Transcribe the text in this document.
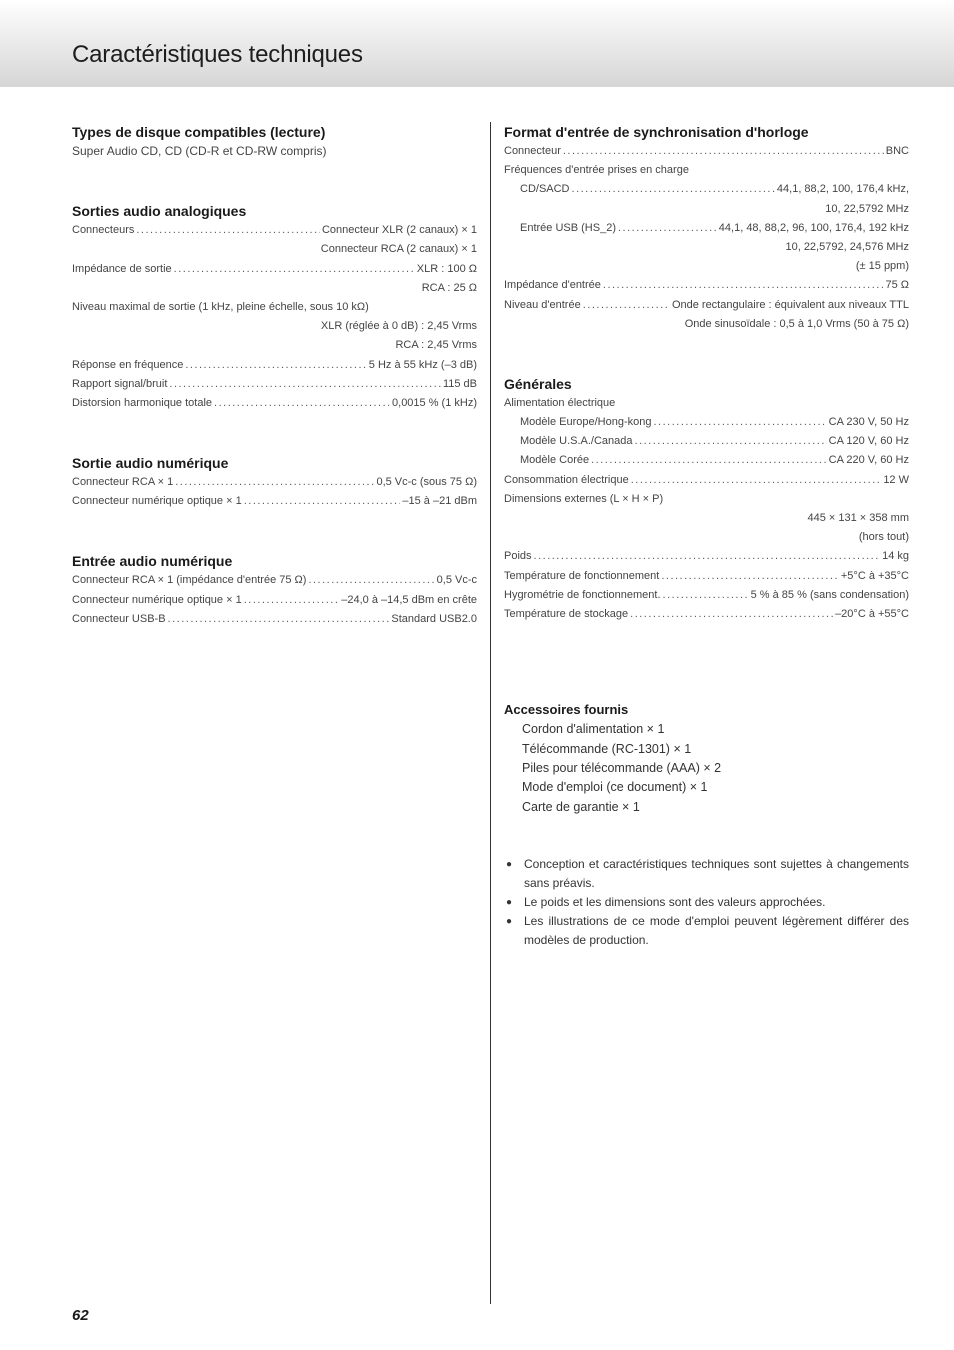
Caractéristiques techniques
Types de disque compatibles (lecture)
Super Audio CD, CD (CD-R et CD-RW compris)
Sorties audio analogiques
Connecteurs .....	Connecteur XLR (2 canaux) × 1
Connecteur RCA (2 canaux) × 1
Impédance de sortie .....	XLR : 100 Ω
RCA : 25 Ω
Niveau maximal de sortie (1 kHz, pleine échelle, sous 10 kΩ)
XLR (réglée à 0 dB) : 2,45 Vrms
RCA : 2,45 Vrms
Réponse en fréquence .....	5 Hz à 55 kHz (–3 dB)
Rapport signal/bruit .....	115 dB
Distorsion harmonique totale .....	0,0015 % (1 kHz)
Sortie audio numérique
Connecteur RCA × 1 .....	0,5 Vc-c (sous 75 Ω)
Connecteur numérique optique × 1 .....	–15 à –21 dBm
Entrée audio numérique
Connecteur RCA × 1 (impédance d'entrée 75 Ω) .....	0,5 Vc-c
Connecteur numérique optique × 1 .....	–24,0 à –14,5 dBm en crête
Connecteur USB-B .....	Standard USB2.0
Format d'entrée de synchronisation d'horloge
Connecteur .....	BNC
Fréquences d'entrée prises en charge
CD/SACD .....	44,1, 88,2, 100, 176,4 kHz,
10, 22,5792 MHz
Entrée USB (HS_2) .....	44,1, 48, 88,2, 96, 100, 176,4, 192 kHz
10, 22,5792, 24,576 MHz
(± 15 ppm)
Impédance d'entrée .....	75 Ω
Niveau d'entrée .....	Onde rectangulaire : équivalent aux niveaux TTL
Onde sinusoïdale : 0,5 à 1,0 Vrms (50 à 75 Ω)
Générales
Alimentation électrique
Modèle Europe/Hong-kong .....	CA 230 V, 50 Hz
Modèle U.S.A./Canada .....	CA 120 V, 60 Hz
Modèle Corée .....	CA 220 V, 60 Hz
Consommation électrique .....	12 W
Dimensions externes (L × H × P)
445 × 131 × 358 mm
(hors tout)
Poids .....	14 kg
Température de fonctionnement .....	+5°C à +35°C
Hygrométrie de fonctionnement. .....	5 % à 85 % (sans condensation)
Température de stockage .....	–20°C à +55°C
Accessoires fournis
Cordon d'alimentation × 1
Télécommande (RC-1301) × 1
Piles pour télécommande (AAA) × 2
Mode d'emploi (ce document) × 1
Carte de garantie × 1
● Conception et caractéristiques techniques sont sujettes à changements sans préavis.
● Le poids et les dimensions sont des valeurs approchées.
● Les illustrations de ce mode d'emploi peuvent légèrement différer des modèles de production.
62
